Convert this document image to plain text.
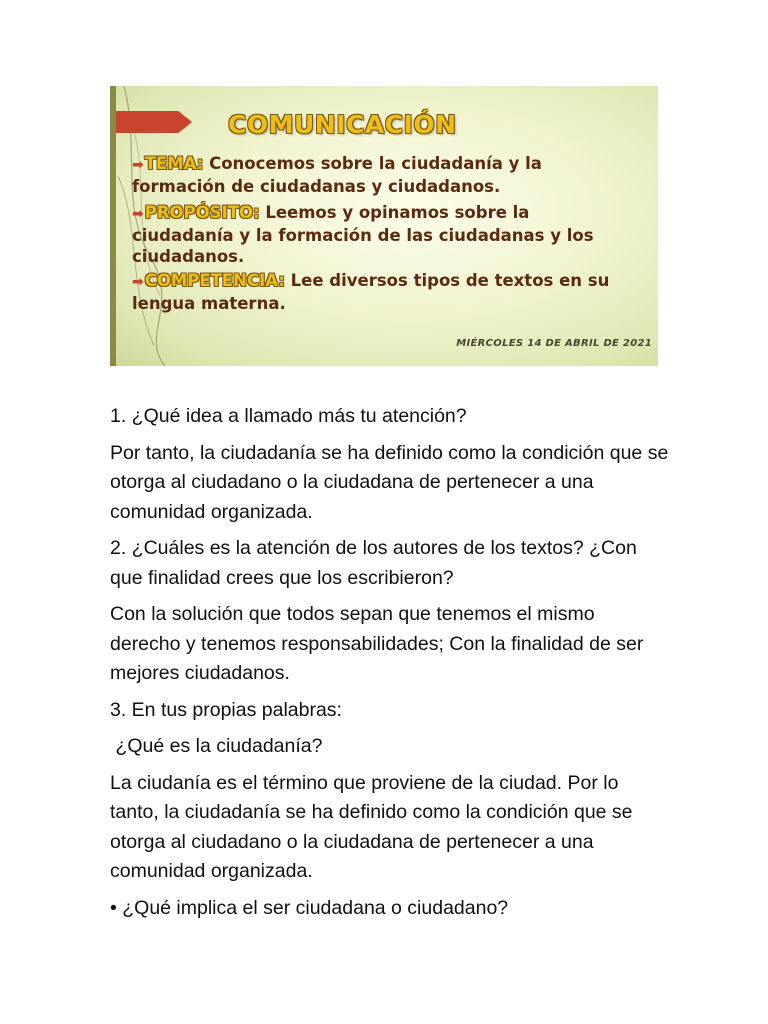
COMUNICACIÓN
➡TEMA: Conocemos sobre la ciudadanía y la formación de ciudadanas y ciudadanos.
➡PROPÓSITO: Leemos y opinamos sobre la ciudadanía y la formación de las ciudadanas y los ciudadanos.
➡COMPETENCIA: Lee diversos tipos de textos en su lengua materna.
MIÉRCOLES 14 DE ABRIL DE 2021

1. ¿Qué idea a llamado más tu atención?

Por tanto, la ciudadanía se ha definido como la condición que se otorga al ciudadano o la ciudadana de pertenecer a una comunidad organizada.

2. ¿Cuáles es la atención de los autores de los textos? ¿Con que finalidad crees que los escribieron?

Con la solución que todos sepan que tenemos el mismo derecho y tenemos responsabilidades; Con la finalidad de ser mejores ciudadanos.

3. En tus propias palabras:

¿Qué es la ciudadanía?

La ciudanía es el término que proviene de la ciudad. Por lo tanto, la ciudadanía se ha definido como la condición que se otorga al ciudadano o la ciudadana de pertenecer a una comunidad organizada.

• ¿Qué implica el ser ciudadana o ciudadano?
